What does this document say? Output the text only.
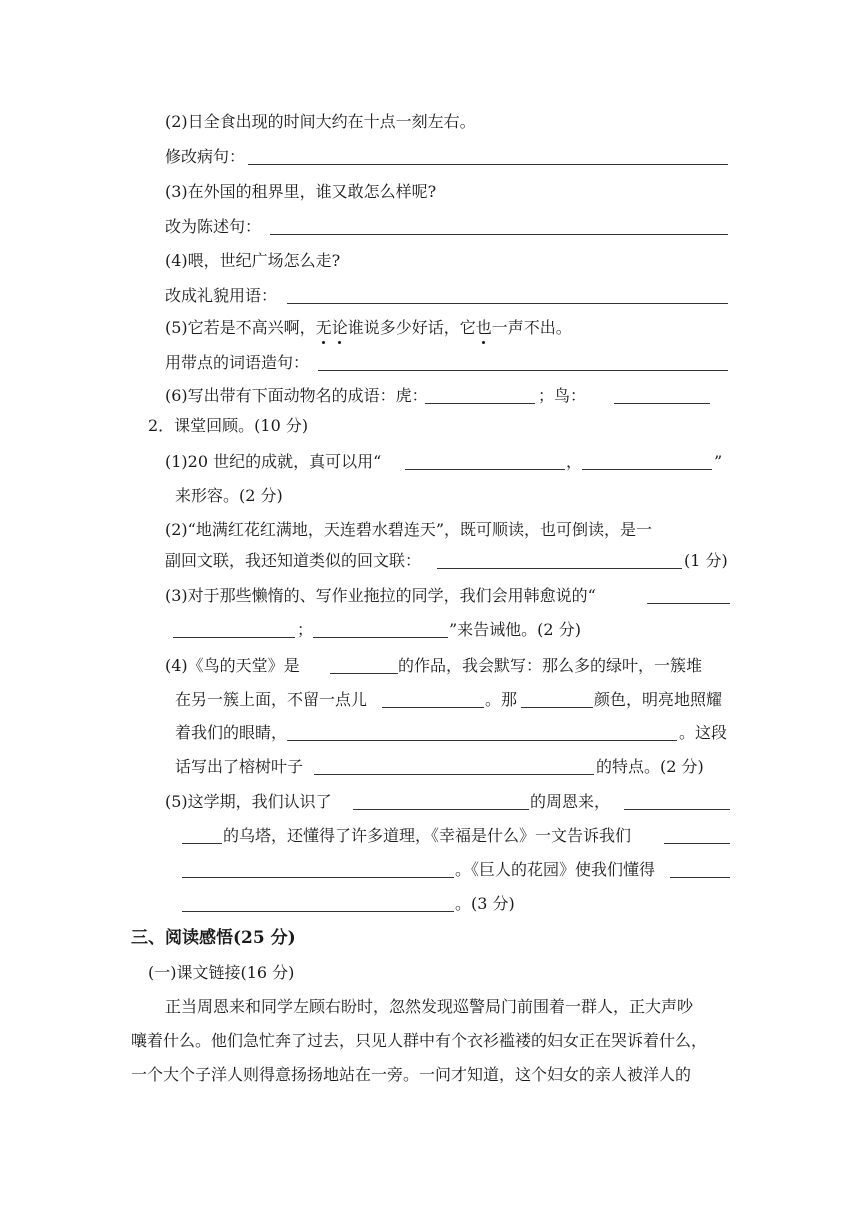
(2)日全食出现的时间大约在十点一刻左右。
修改病句：
(3)在外国的租界里，谁又敢怎么样呢?
改为陈述句：
(4)喂，世纪广场怎么走?
改成礼貌用语：
(5)它若是不高兴啊，无论谁说多少好话，它也一声不出。
用带点的词语造句：
(6)写出带有下面动物名的成语：虎：	；鸟：
2．课堂回顾。(10 分)
(1)20 世纪的成就，真可以用“	，	”
来形容。(2 分)
(2)“地满红花红满地，天连碧水碧连天”，既可顺读，也可倒读，是一
副回文联，我还知道类似的回文联：	(1 分)
(3)对于那些懒惰的、写作业拖拉的同学，我们会用韩愈说的“
；	”来告诫他。(2 分)
(4)《鸟的天堂》是	的作品，我会默写：那么多的绿叶，一簇堆
在另一簇上面，不留一点儿	。那	颜色，明亮地照耀
着我们的眼睛，	。这段
话写出了榕树叶子	的特点。(2 分)
(5)这学期，我们认识了	的周恩来，
的乌塔，还懂得了许多道理，《幸福是什么》一文告诉我们
。《巨人的花园》使我们懂得
。(3 分)
三、阅读感悟(25 分)
(一)课文链接(16 分)
正当周恩来和同学左顾右盼时，忽然发现巡警局门前围着一群人，正大声吵
嚷着什么。他们急忙奔了过去，只见人群中有个衣衫褴褛的妇女正在哭诉着什么，
一个大个子洋人则得意扬扬地站在一旁。一问才知道，这个妇女的亲人被洋人的
